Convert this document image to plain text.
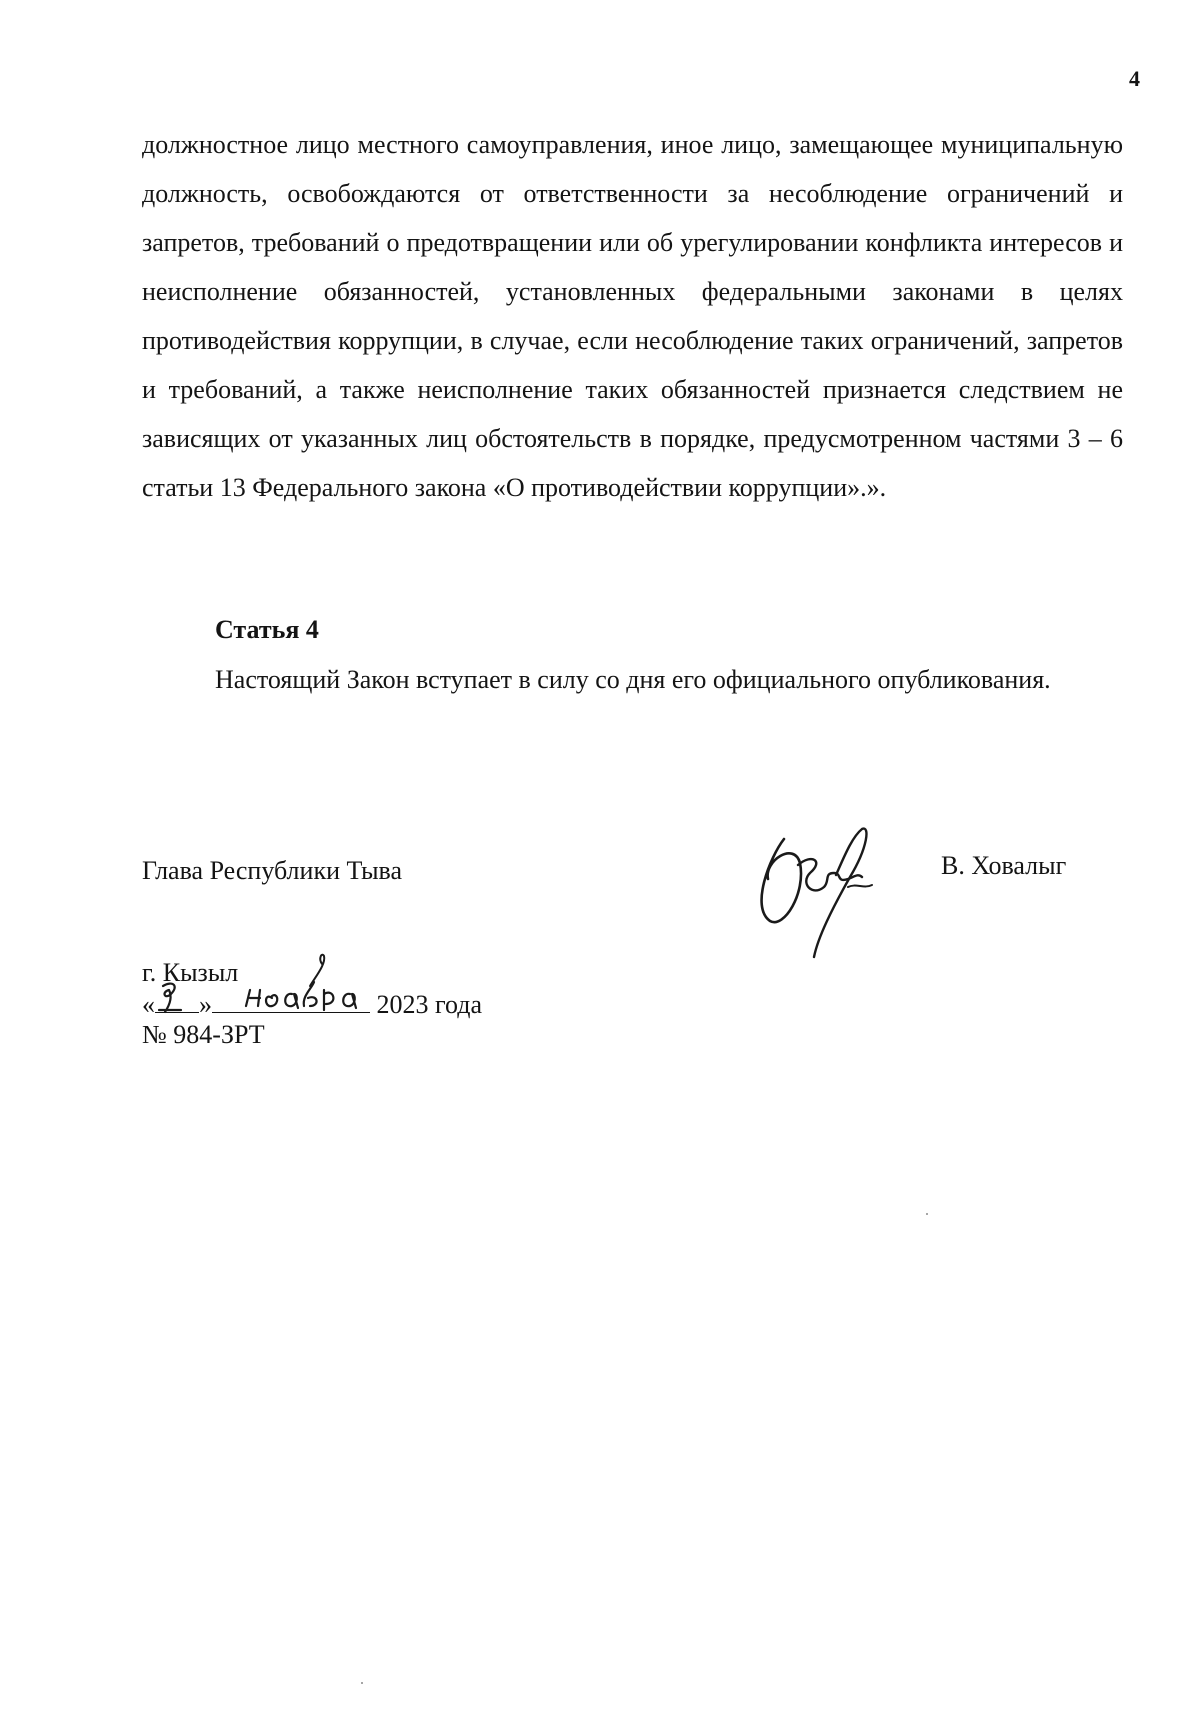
4

должностное лицо местного самоуправления, иное лицо, замещающее муниципальную должность, освобождаются от ответственности за несоблюдение ограничений и запретов, требований о предотвращении или об урегулировании конфликта интересов и неисполнение обязанностей, установленных федеральными законами в целях противодействия коррупции, в случае, если несоблюдение таких ограничений, запретов и требований, а также неисполнение таких обязанностей признается следствием не зависящих от указанных лиц обстоятельств в порядке, предусмотренном частями 3 – 6 статьи 13 Федерального закона «О противодействии коррупции».».

Статья 4

Настоящий Закон вступает в силу со дня его официального опубликования.

Глава Республики Тыва	В. Ховалыг
г. Кызыл
« »	2023 года
№ 984-ЗРТ
